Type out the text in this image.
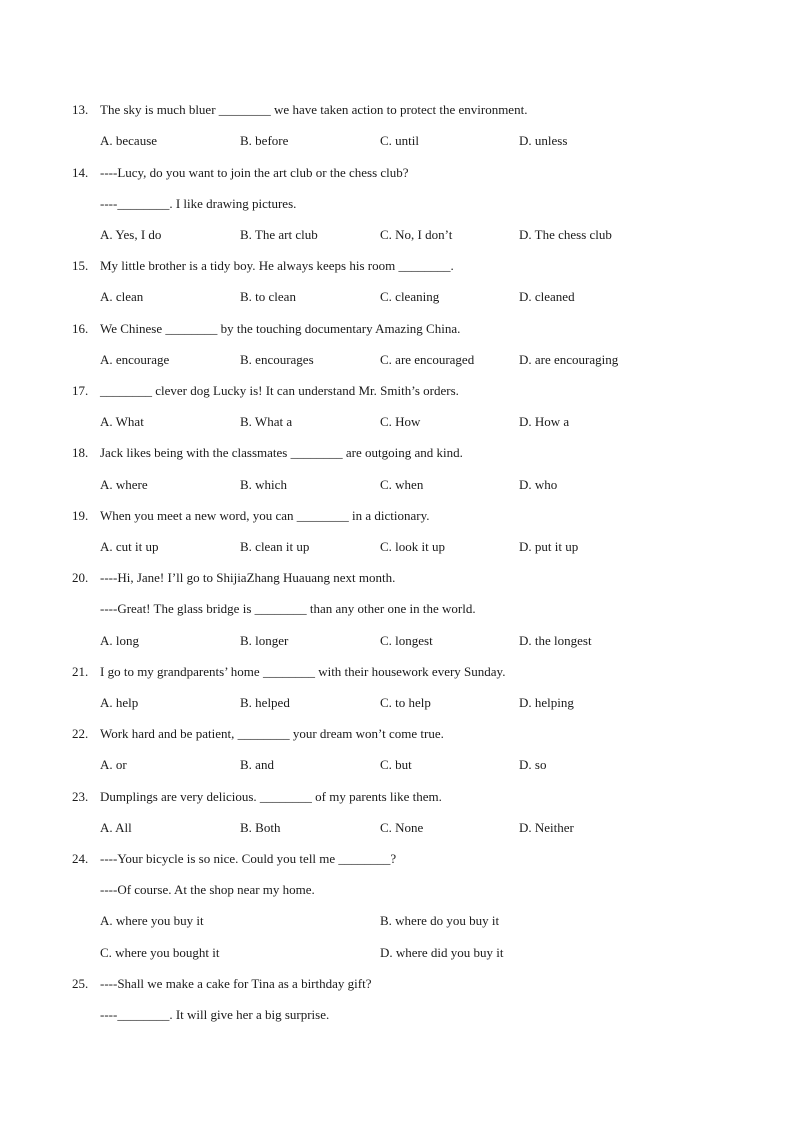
13. The sky is much bluer ________ we have taken action to protect the environment.
A. because	B. before	C. until	D. unless
14. ----Lucy, do you want to join the art club or the chess club?
----________. I like drawing pictures.
A. Yes, I do	B. The art club	C. No, I don’t	D. The chess club
15. My little brother is a tidy boy. He always keeps his room ________.
A. clean	B. to clean	C. cleaning	D. cleaned
16. We Chinese ________ by the touching documentary Amazing China.
A. encourage	B. encourages	C. are encouraged	D. are encouraging
17. ________ clever dog Lucky is! It can understand Mr. Smith’s orders.
A. What	B. What a	C. How	D. How a
18. Jack likes being with the classmates ________ are outgoing and kind.
A. where	B. which	C. when	D. who
19. When you meet a new word, you can ________ in a dictionary.
A. cut it up	B. clean it up	C. look it up	D. put it up
20. ----Hi, Jane! I’ll go to ShijiaZhang Huauang next month.
----Great! The glass bridge is ________ than any other one in the world.
A. long	B. longer	C. longest	D. the longest
21. I go to my grandparents’ home ________ with their housework every Sunday.
A. help	B. helped	C. to help	D. helping
22. Work hard and be patient, ________ your dream won’t come true.
A. or	B. and	C. but	D. so
23. Dumplings are very delicious. ________ of my parents like them.
A. All	B. Both	C. None	D. Neither
24. ----Your bicycle is so nice. Could you tell me ________?
----Of course. At the shop near my home.
A. where you buy it	B. where do you buy it
C. where you bought it	D. where did you buy it
25. ----Shall we make a cake for Tina as a birthday gift?
----________. It will give her a big surprise.
